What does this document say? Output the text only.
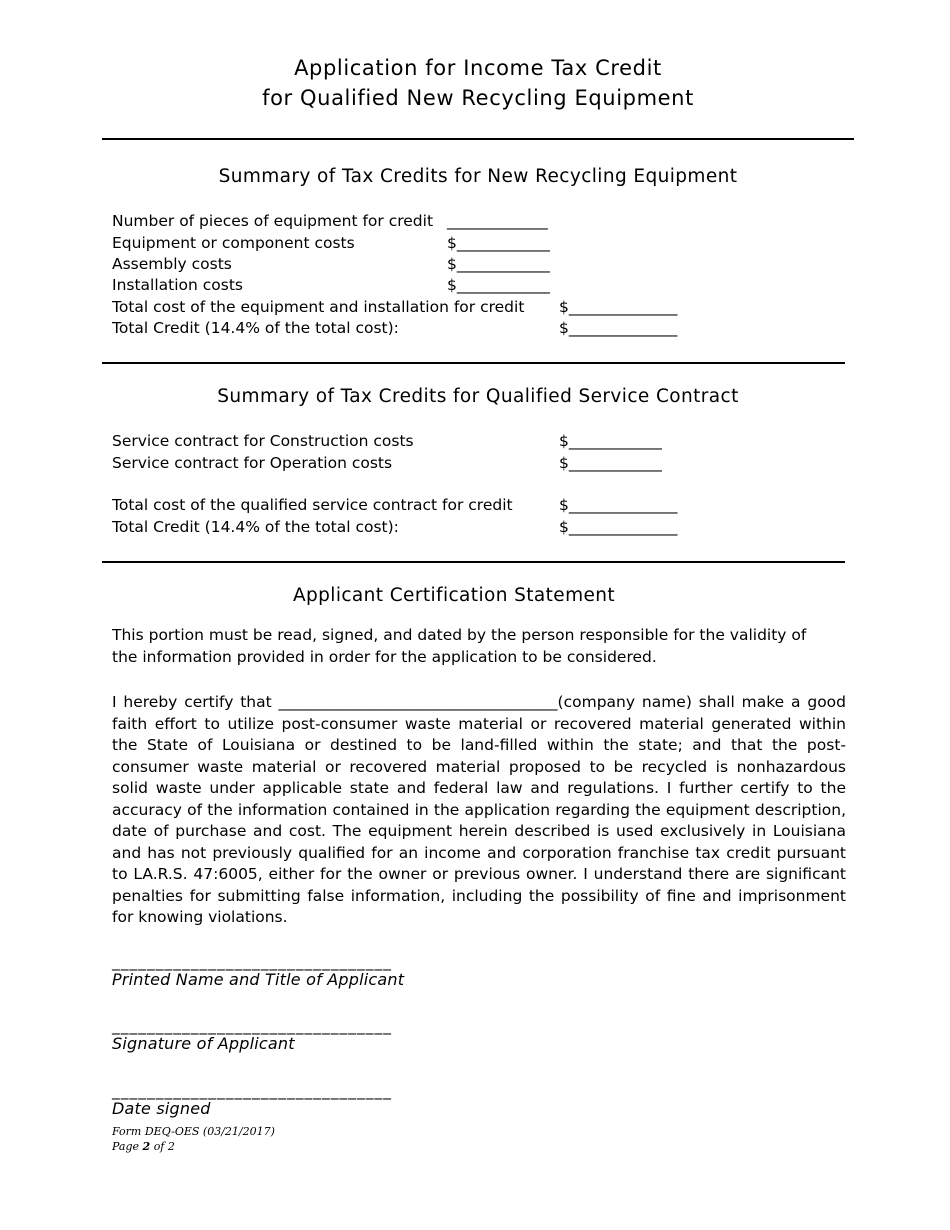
Application for Income Tax Credit
for Qualified New Recycling Equipment
Summary of Tax Credits for New Recycling Equipment
Number of pieces of equipment for credit _____________
Equipment or component costs	$____________
Assembly costs	$____________
Installation costs	$____________
Total cost of the equipment and installation for credit $______________
Total Credit (14.4% of the total cost):	$______________
Summary of Tax Credits for Qualified Service Contract
Service contract for Construction costs	$____________
Service contract for Operation costs	$____________
Total cost of the qualified service contract for credit	$______________
Total Credit (14.4% of the total cost):	$______________
Applicant Certification Statement
This portion must be read, signed, and dated by the person responsible for the validity of
the information provided in order for the application to be considered.
I hereby certify that ____________________________________(company name) shall make a good faith effort to utilize post-consumer waste material or recovered material generated within the State of Louisiana or destined to be land-filled within the state; and that the post-consumer waste material or recovered material proposed to be recycled is nonhazardous solid waste under applicable state and federal law and regulations. I further certify to the accuracy of the information contained in the application regarding the equipment description, date of purchase and cost. The equipment herein described is used exclusively in Louisiana and has not previously qualified for an income and corporation franchise tax credit pursuant to LA.R.S. 47:6005, either for the owner or previous owner. I understand there are significant penalties for submitting false information, including the possibility of fine and imprisonment for knowing violations.
________________________________
Printed Name and Title of Applicant
________________________________
Signature of Applicant
________________________________
Date signed
Form DEQ-OES (03/21/2017)
Page 2 of 2
